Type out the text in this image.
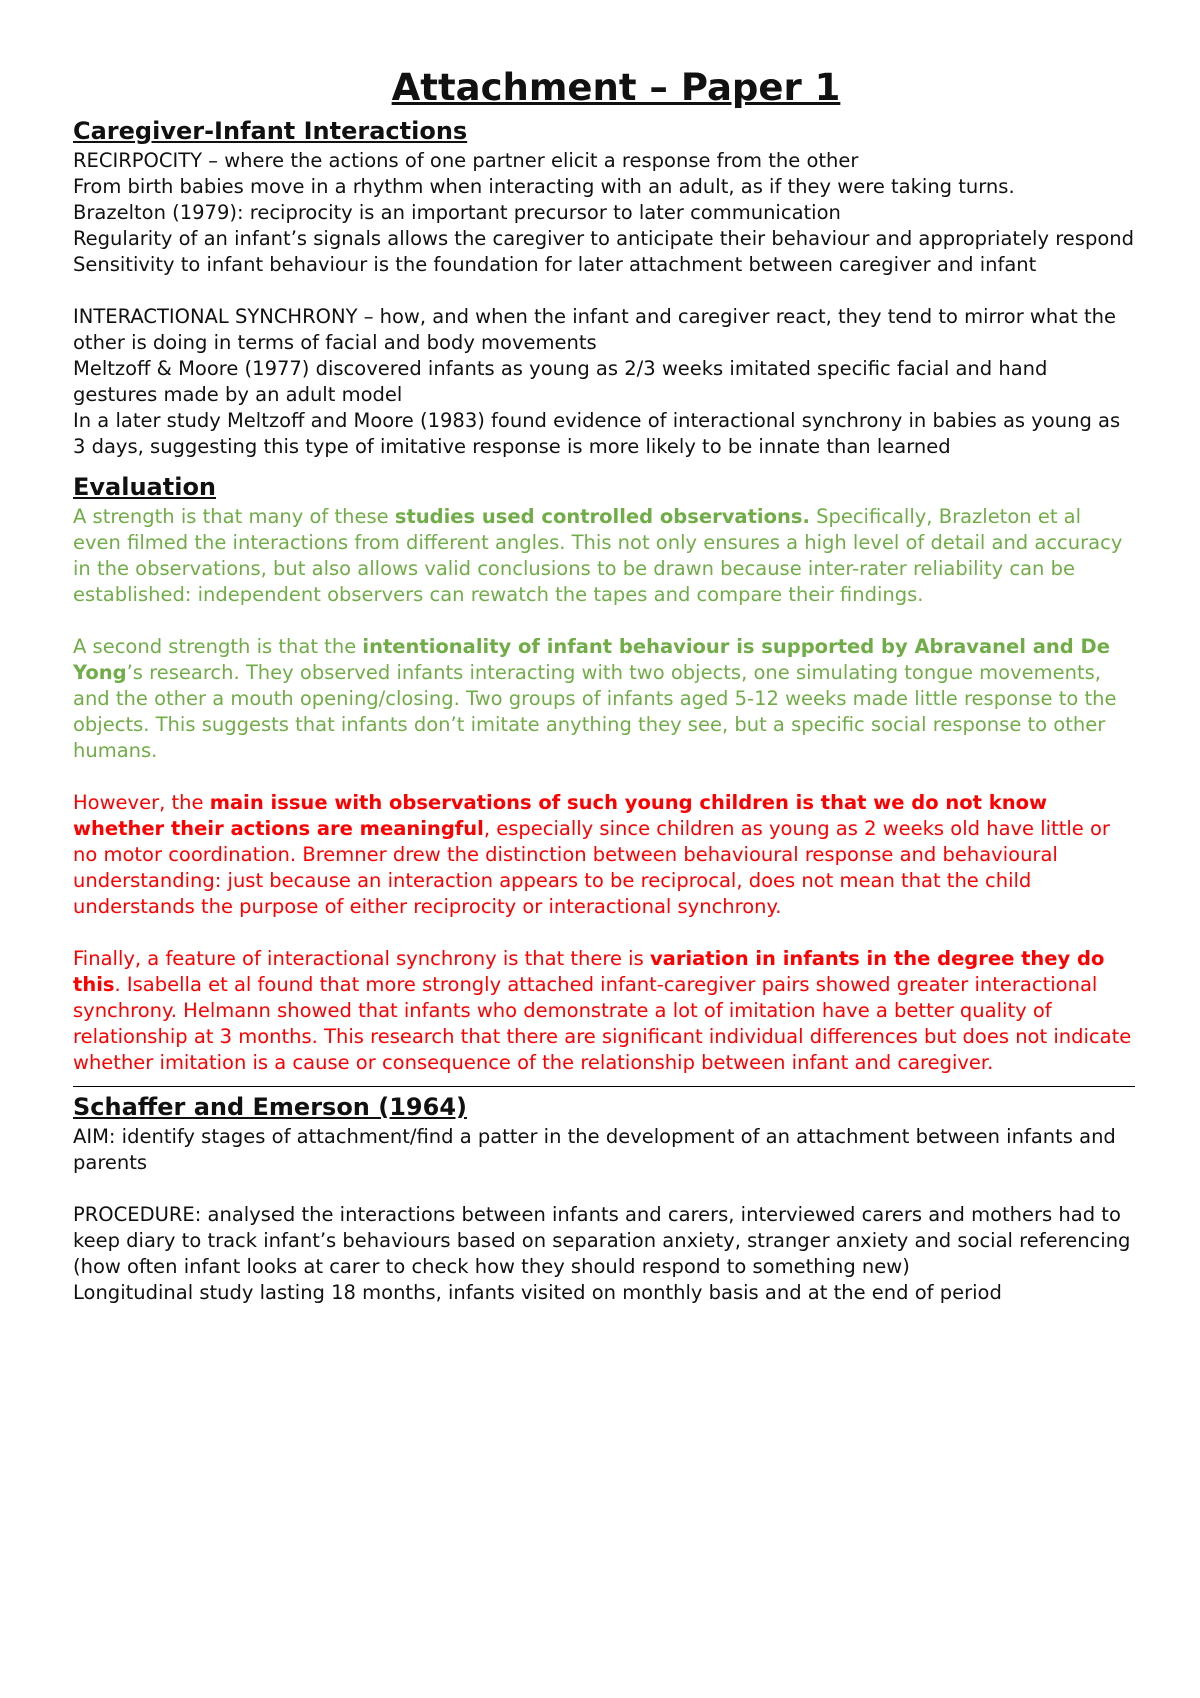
Attachment – Paper 1
Caregiver-Infant Interactions
RECIRPOCITY – where the actions of one partner elicit a response from the other
From birth babies move in a rhythm when interacting with an adult, as if they were taking turns.
Brazelton (1979): reciprocity is an important precursor to later communication
Regularity of an infant’s signals allows the caregiver to anticipate their behaviour and appropriately respond
Sensitivity to infant behaviour is the foundation for later attachment between caregiver and infant
INTERACTIONAL SYNCHRONY – how, and when the infant and caregiver react, they tend to mirror what the other is doing in terms of facial and body movements
Meltzoff & Moore (1977) discovered infants as young as 2/3 weeks imitated specific facial and hand gestures made by an adult model
In a later study Meltzoff and Moore (1983) found evidence of interactional synchrony in babies as young as 3 days, suggesting this type of imitative response is more likely to be innate than learned
Evaluation
A strength is that many of these studies used controlled observations. Specifically, Brazleton et al even filmed the interactions from different angles. This not only ensures a high level of detail and accuracy in the observations, but also allows valid conclusions to be drawn because inter-rater reliability can be established: independent observers can rewatch the tapes and compare their findings.
A second strength is that the intentionality of infant behaviour is supported by Abravanel and De Yong’s research. They observed infants interacting with two objects, one simulating tongue movements, and the other a mouth opening/closing. Two groups of infants aged 5-12 weeks made little response to the objects. This suggests that infants don’t imitate anything they see, but a specific social response to other humans.
However, the main issue with observations of such young children is that we do not know whether their actions are meaningful, especially since children as young as 2 weeks old have little or no motor coordination. Bremner drew the distinction between behavioural response and behavioural understanding: just because an interaction appears to be reciprocal, does not mean that the child understands the purpose of either reciprocity or interactional synchrony.
Finally, a feature of interactional synchrony is that there is variation in infants in the degree they do this. Isabella et al found that more strongly attached infant-caregiver pairs showed greater interactional synchrony. Helmann showed that infants who demonstrate a lot of imitation have a better quality of relationship at 3 months. This research that there are significant individual differences but does not indicate whether imitation is a cause or consequence of the relationship between infant and caregiver.
Schaffer and Emerson (1964)
AIM: identify stages of attachment/find a patter in the development of an attachment between infants and parents
PROCEDURE: analysed the interactions between infants and carers, interviewed carers and mothers had to keep diary to track infant’s behaviours based on separation anxiety, stranger anxiety and social referencing (how often infant looks at carer to check how they should respond to something new)
Longitudinal study lasting 18 months, infants visited on monthly basis and at the end of period
